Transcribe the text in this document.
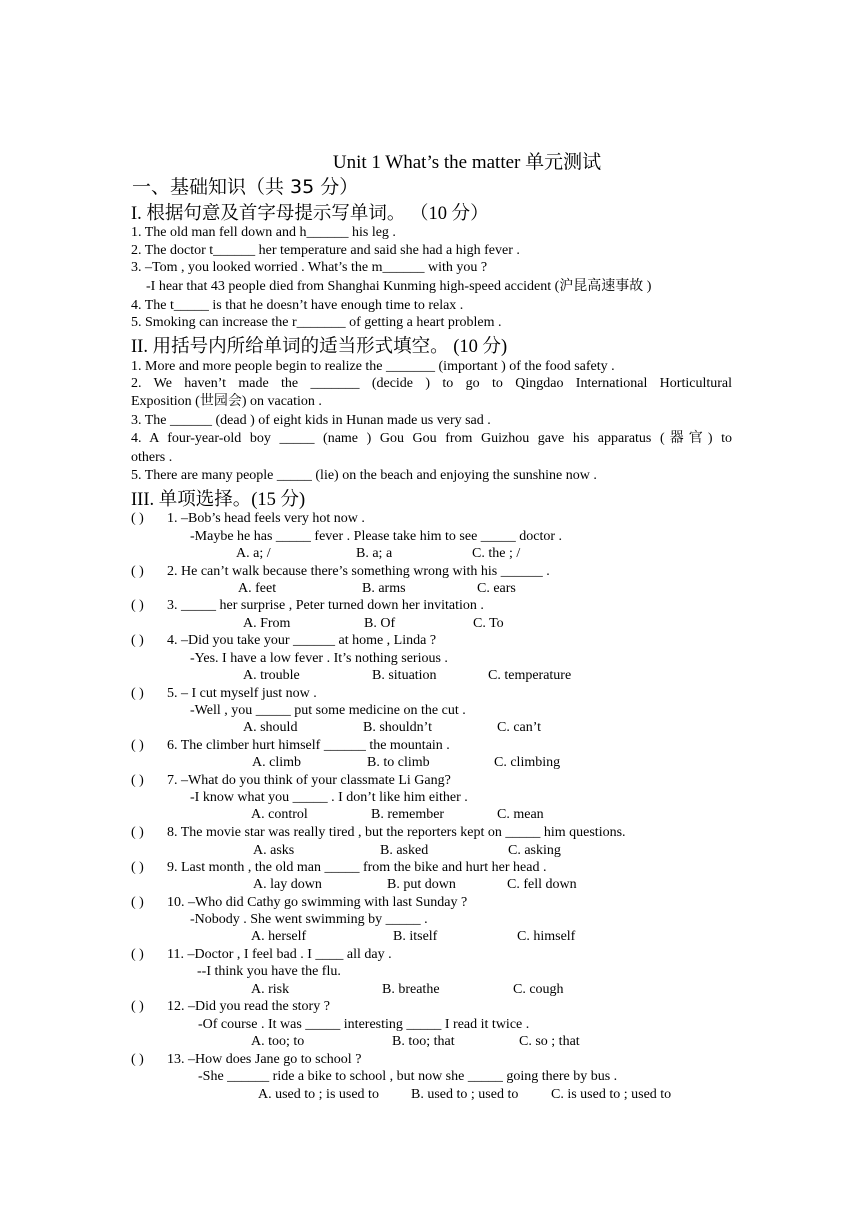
Unit 1 What’s the matter 单元测试
一、基础知识（共 35 分）
I. 根据句意及首字母提示写单词。 （10 分）
1. The old man fell down and h______ his leg .
2. The doctor t______ her temperature and said she had a high fever .
3. –Tom , you looked worried . What’s the m______ with you ?
-I hear that 43 people died from Shanghai Kunming high-speed accident (沪昆高速事故 )
4. The t_____ is that he doesn’t have enough time to relax .
5. Smoking can increase the r_______ of getting a heart problem .
II. 用括号内所给单词的适当形式填空。 (10 分)
1. More and more people begin to realize the _______ (important ) of the food safety .
2. We haven’t made the _______ (decide ) to go to Qingdao International Horticultural
Exposition (世园会) on vacation .
3. The ______ (dead ) of eight kids in Hunan made us very sad .
4. A four-year-old boy _____ (name ) Gou Gou from Guizhou gave his apparatus (器官) to
others .
5. There are many people _____ (lie) on the beach and enjoying the sunshine now .
III. 单项选择。(15 分)
( ) 1. –Bob’s head feels very hot now .
-Maybe he has _____ fever . Please take him to see _____ doctor .
A. a; /	B. a; a	C. the ; /
( ) 2. He can’t walk because there’s something wrong with his ______ .
A. feet	B. arms	C. ears
( ) 3. _____ her surprise , Peter turned down her invitation .
A. From	B. Of	C. To
( ) 4. –Did you take your ______ at home , Linda ?
-Yes. I have a low fever . It’s nothing serious .
A. trouble	B. situation	C. temperature
( ) 5. – I cut myself just now .
-Well , you _____ put some medicine on the cut .
A. should	B. shouldn’t	C. can’t
( ) 6. The climber hurt himself ______ the mountain .
A. climb	B. to climb	C. climbing
( ) 7. –What do you think of your classmate Li Gang?
-I know what you _____ . I don’t like him either .
A. control	B. remember	C. mean
( ) 8. The movie star was really tired , but the reporters kept on _____ him questions.
A. asks	B. asked	C. asking
( ) 9. Last month , the old man _____ from the bike and hurt her head .
A. lay down	B. put down	C. fell down
( ) 10. –Who did Cathy go swimming with last Sunday ?
-Nobody . She went swimming by _____ .
A. herself	B. itself	C. himself
( ) 11. –Doctor , I feel bad . I ____ all day .
--I think you have the flu.
A. risk	B. breathe	C. cough
( ) 12. –Did you read the story ?
-Of course . It was _____ interesting _____ I read it twice .
A. too; to	B. too; that	C. so ; that
( ) 13. –How does Jane go to school ?
-She ______ ride a bike to school , but now she _____ going there by bus .
A. used to ; is used to B. used to ; used to C. is used to ; used to
